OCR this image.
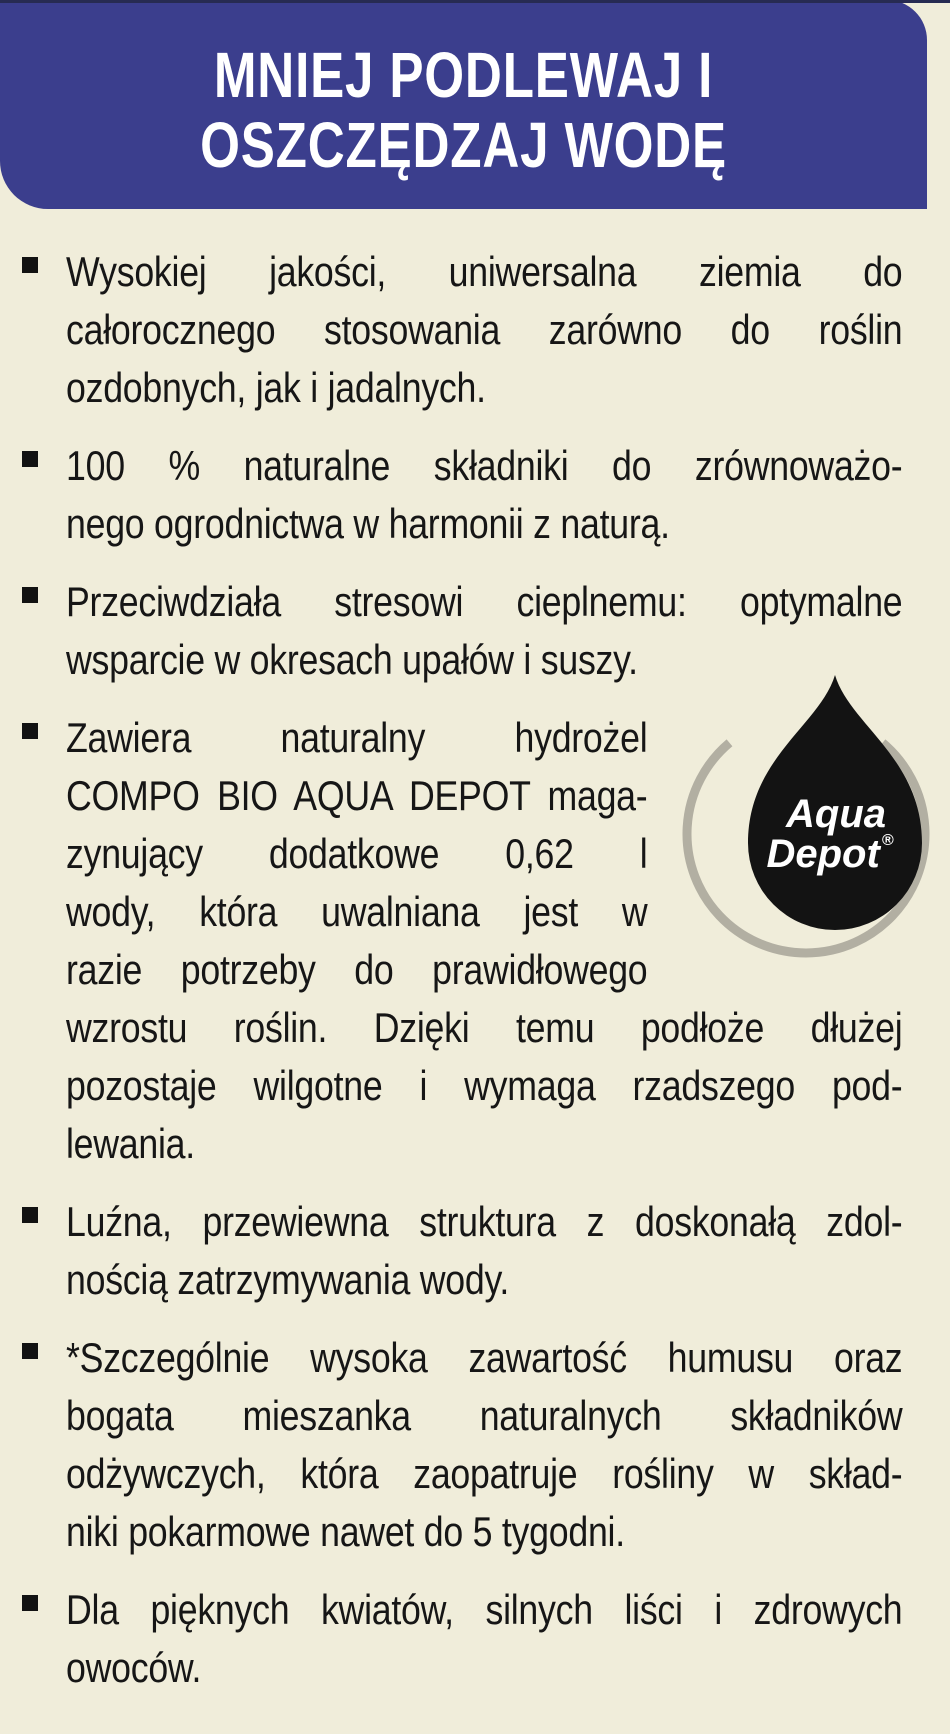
MNIEJ PODLEWAJ I
OSZCZĘDZAJ WODĘ
Wysokiej jakości, uniwersalna ziemia do
całorocznego stosowania zarówno do roślin
ozdobnych, jak i jadalnych.
100 % naturalne składniki do zrównoważo-
nego ogrodnictwa w harmonii z naturą.
Przeciwdziała stresowi cieplnemu: optymalne
wsparcie w okresach upałów i suszy.
Zawiera naturalny hydrożel
COMPO BIO AQUA DEPOT maga-
zynujący dodatkowe 0,62 l
wody, która uwalniana jest w
razie potrzeby do prawidłowego
wzrostu roślin. Dzięki temu podłoże dłużej
pozostaje wilgotne i wymaga rzadszego pod-
lewania.
Luźna, przewiewna struktura z doskonałą zdol-
nością zatrzymywania wody.
*Szczególnie wysoka zawartość humusu oraz
bogata mieszanka naturalnych składników
odżywczych, która zaopatruje rośliny w skład-
niki pokarmowe nawet do 5 tygodni.
Dla pięknych kwiatów, silnych liści i zdrowych
owoców.
Aqua
Depot ®
